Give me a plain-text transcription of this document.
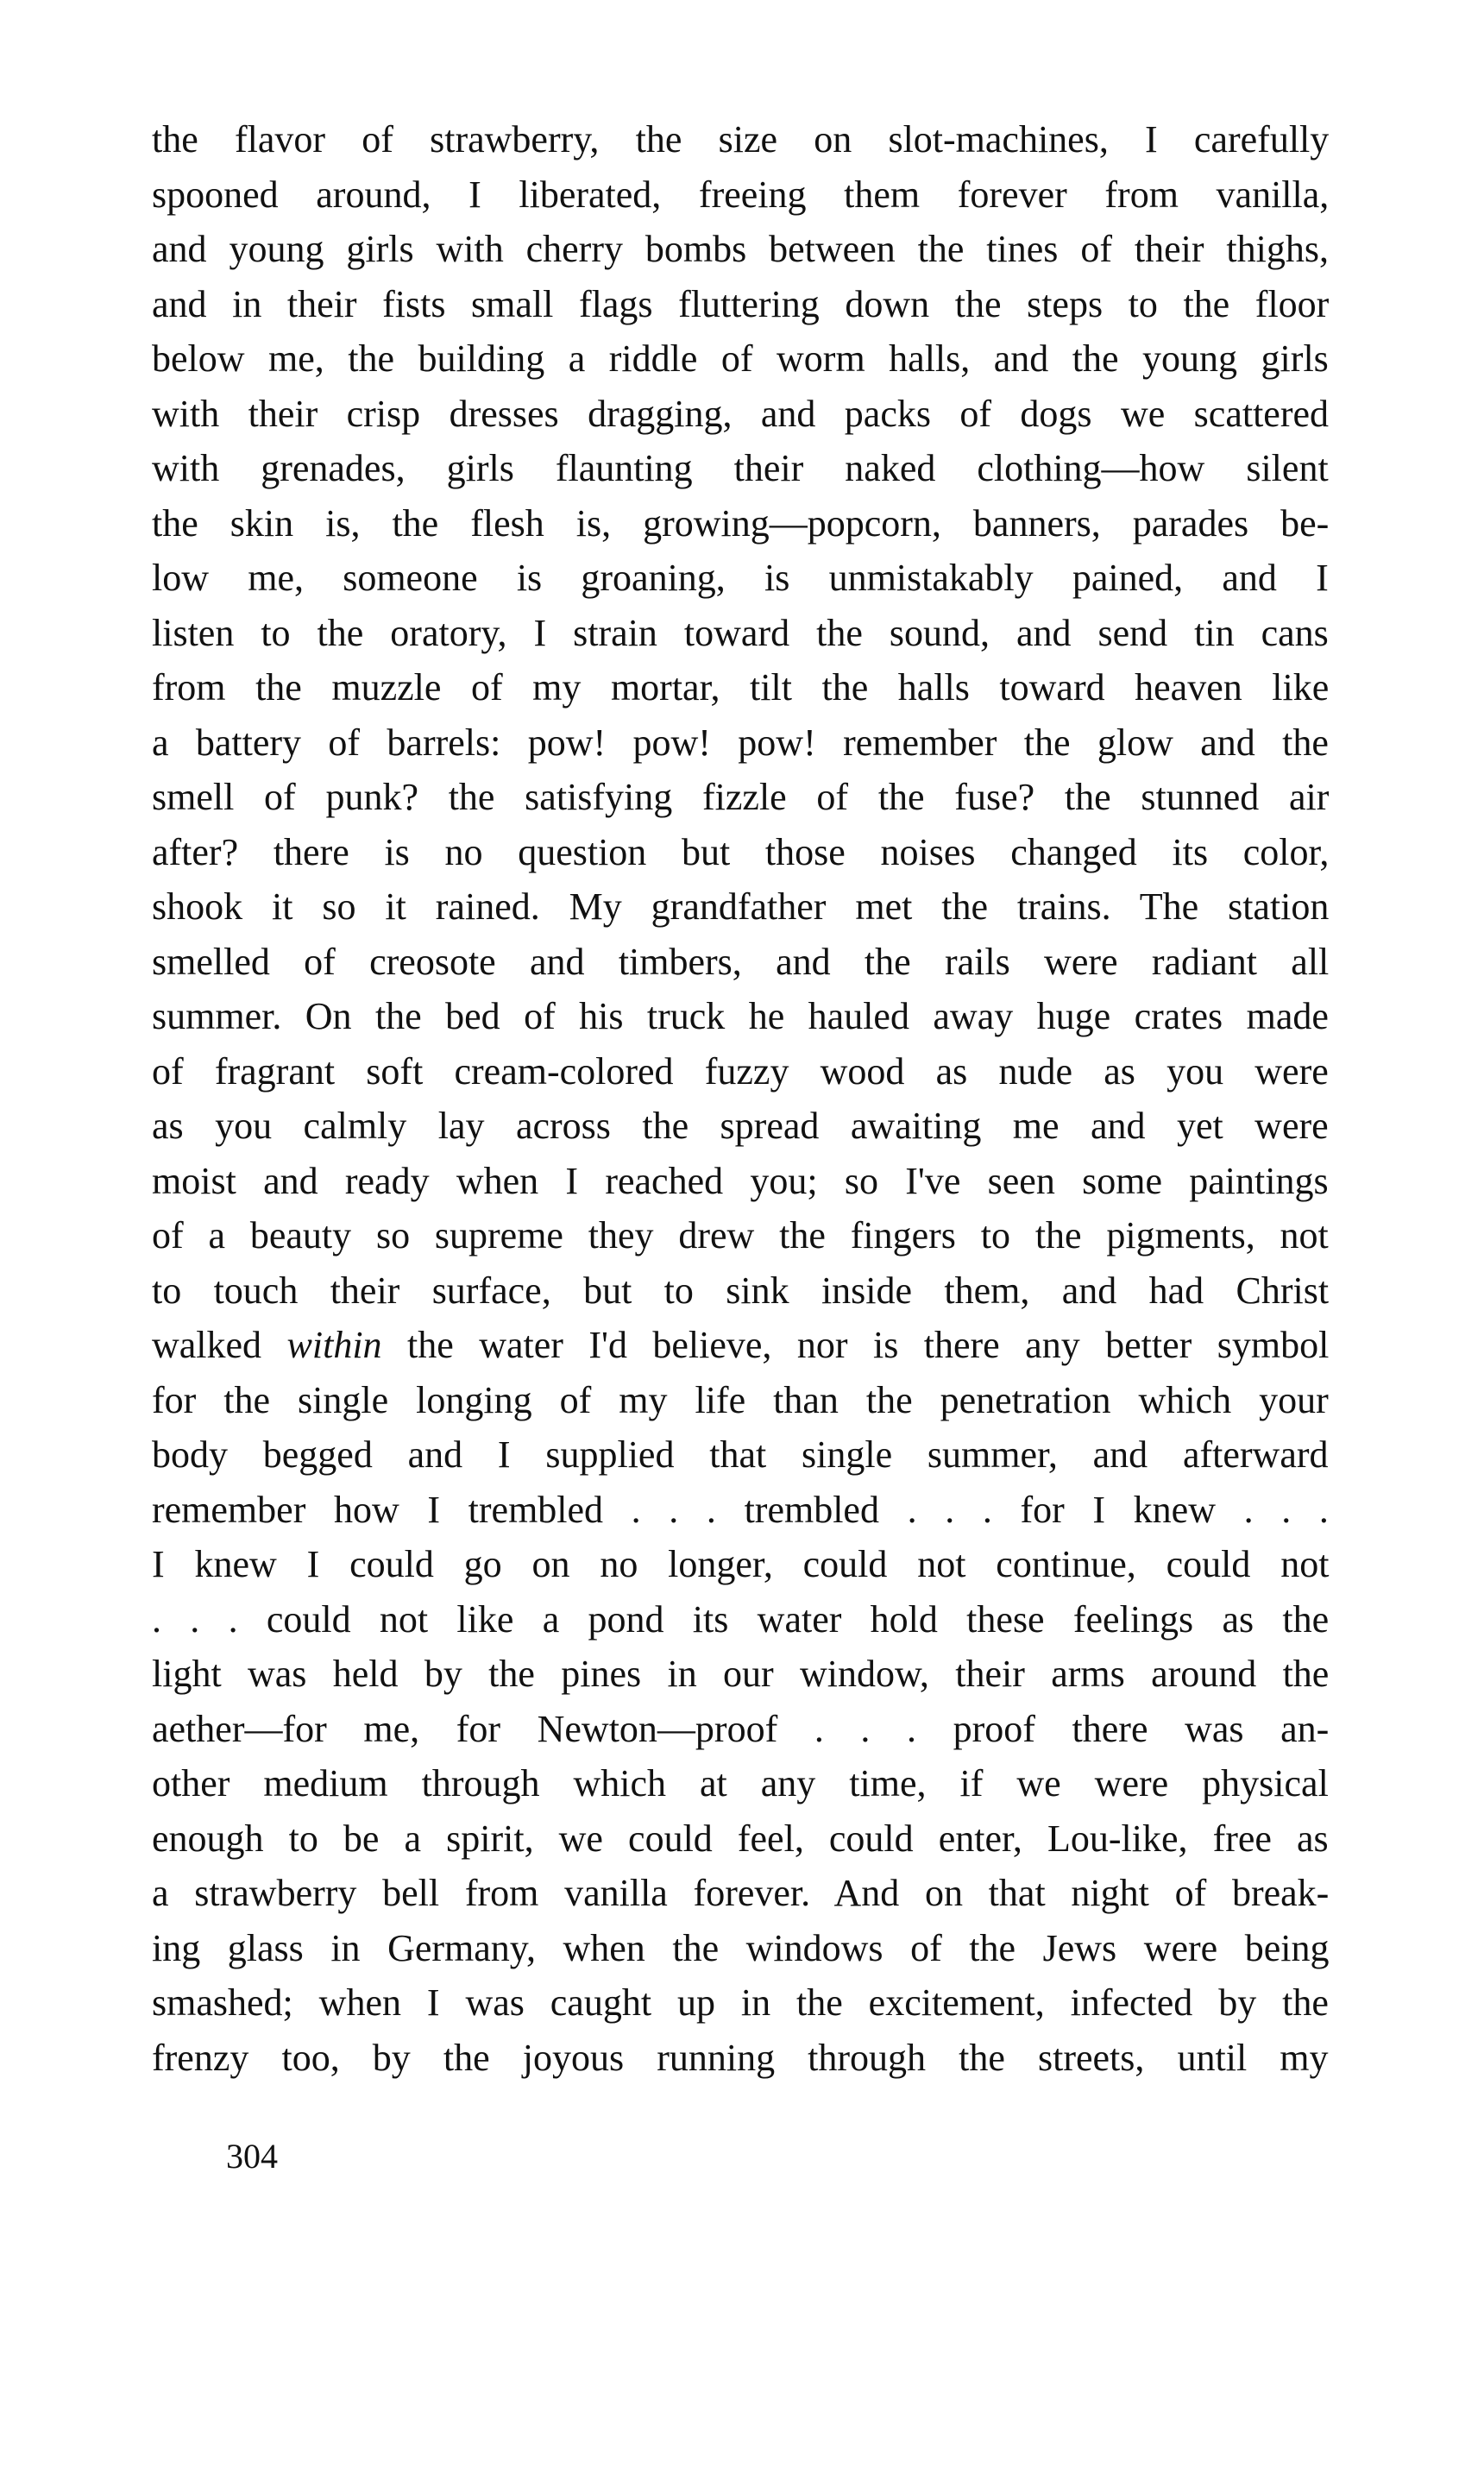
the flavor of strawberry, the size on slot-machines, I carefully
spooned around, I liberated, freeing them forever from vanilla,
and young girls with cherry bombs between the tines of their thighs,
and in their fists small flags fluttering down the steps to the floor
below me, the building a riddle of worm halls, and the young girls
with their crisp dresses dragging, and packs of dogs we scattered
with grenades, girls flaunting their naked clothing—how silent
the skin is, the flesh is, growing—popcorn, banners, parades be-
low me, someone is groaning, is unmistakably pained, and I
listen to the oratory, I strain toward the sound, and send tin cans
from the muzzle of my mortar, tilt the halls toward heaven like
a battery of barrels: pow! pow! pow! remember the glow and the
smell of punk? the satisfying fizzle of the fuse? the stunned air
after? there is no question but those noises changed its color,
shook it so it rained. My grandfather met the trains. The station
smelled of creosote and timbers, and the rails were radiant all
summer. On the bed of his truck he hauled away huge crates made
of fragrant soft cream-colored fuzzy wood as nude as you were
as you calmly lay across the spread awaiting me and yet were
moist and ready when I reached you; so I've seen some paintings
of a beauty so supreme they drew the fingers to the pigments, not
to touch their surface, but to sink inside them, and had Christ
walked within the water I'd believe, nor is there any better symbol
for the single longing of my life than the penetration which your
body begged and I supplied that single summer, and afterward
remember how I trembled . . . trembled . . . for I knew . . .
I knew I could go on no longer, could not continue, could not
. . . could not like a pond its water hold these feelings as the
light was held by the pines in our window, their arms around the
aether—for me, for Newton—proof . . . proof there was an-
other medium through which at any time, if we were physical
enough to be a spirit, we could feel, could enter, Lou-like, free as
a strawberry bell from vanilla forever. And on that night of break-
ing glass in Germany, when the windows of the Jews were being
smashed; when I was caught up in the excitement, infected by the
frenzy too, by the joyous running through the streets, until my
304
